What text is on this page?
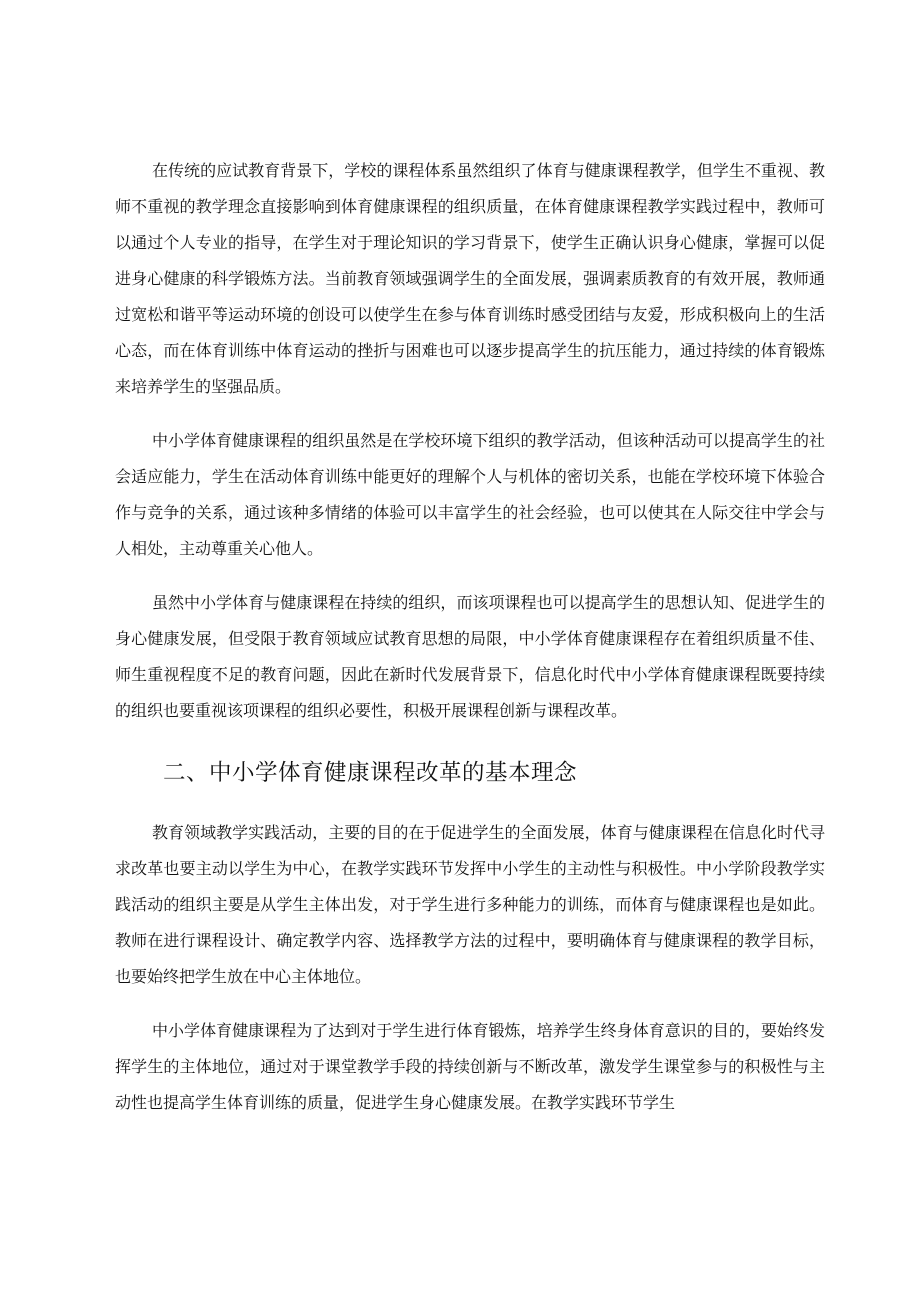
在传统的应试教育背景下，学校的课程体系虽然组织了体育与健康课程教学，但学生不重视、教师不重视的教学理念直接影响到体育健康课程的组织质量，在体育健康课程教学实践过程中，教师可以通过个人专业的指导，在学生对于理论知识的学习背景下，使学生正确认识身心健康，掌握可以促进身心健康的科学锻炼方法。当前教育领域强调学生的全面发展，强调素质教育的有效开展，教师通过宽松和谐平等运动环境的创设可以使学生在参与体育训练时感受团结与友爱，形成积极向上的生活心态，而在体育训练中体育运动的挫折与困难也可以逐步提高学生的抗压能力，通过持续的体育锻炼来培养学生的坚强品质。

中小学体育健康课程的组织虽然是在学校环境下组织的教学活动，但该种活动可以提高学生的社会适应能力，学生在活动体育训练中能更好的理解个人与机体的密切关系，也能在学校环境下体验合作与竞争的关系，通过该种多情绪的体验可以丰富学生的社会经验，也可以使其在人际交往中学会与人相处，主动尊重关心他人。

虽然中小学体育与健康课程在持续的组织，而该项课程也可以提高学生的思想认知、促进学生的身心健康发展，但受限于教育领域应试教育思想的局限，中小学体育健康课程存在着组织质量不佳、师生重视程度不足的教育问题，因此在新时代发展背景下，信息化时代中小学体育健康课程既要持续的组织也要重视该项课程的组织必要性，积极开展课程创新与课程改革。

二、中小学体育健康课程改革的基本理念

教育领域教学实践活动，主要的目的在于促进学生的全面发展，体育与健康课程在信息化时代寻求改革也要主动以学生为中心，在教学实践环节发挥中小学生的主动性与积极性。中小学阶段教学实践活动的组织主要是从学生主体出发，对于学生进行多种能力的训练，而体育与健康课程也是如此。教师在进行课程设计、确定教学内容、选择教学方法的过程中，要明确体育与健康课程的教学目标，也要始终把学生放在中心主体地位。

中小学体育健康课程为了达到对于学生进行体育锻炼，培养学生终身体育意识的目的，要始终发挥学生的主体地位，通过对于课堂教学手段的持续创新与不断改革，激发学生课堂参与的积极性与主动性也提高学生体育训练的质量，促进学生身心健康发展。在教学实践环节学生
